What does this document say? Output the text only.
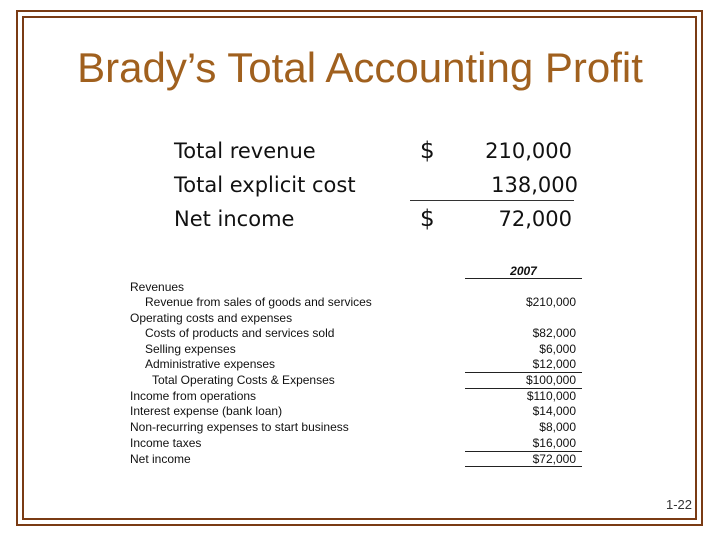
Brady’s Total Accounting Profit
Total revenue	$ 210,000
Total explicit cost	138,000
Net income	$	72,000
2007
Revenues
Revenue from sales of goods and services	$210,000
Operating costs and expenses
Costs of products and services sold	$82,000
Selling expenses	$6,000
Administrative expenses	$12,000
Total Operating Costs & Expenses	$100,000
Income from operations	$110,000
Interest expense (bank loan)	$14,000
Non-recurring expenses to start business	$8,000
Income taxes	$16,000
Net income	$72,000
1-22
